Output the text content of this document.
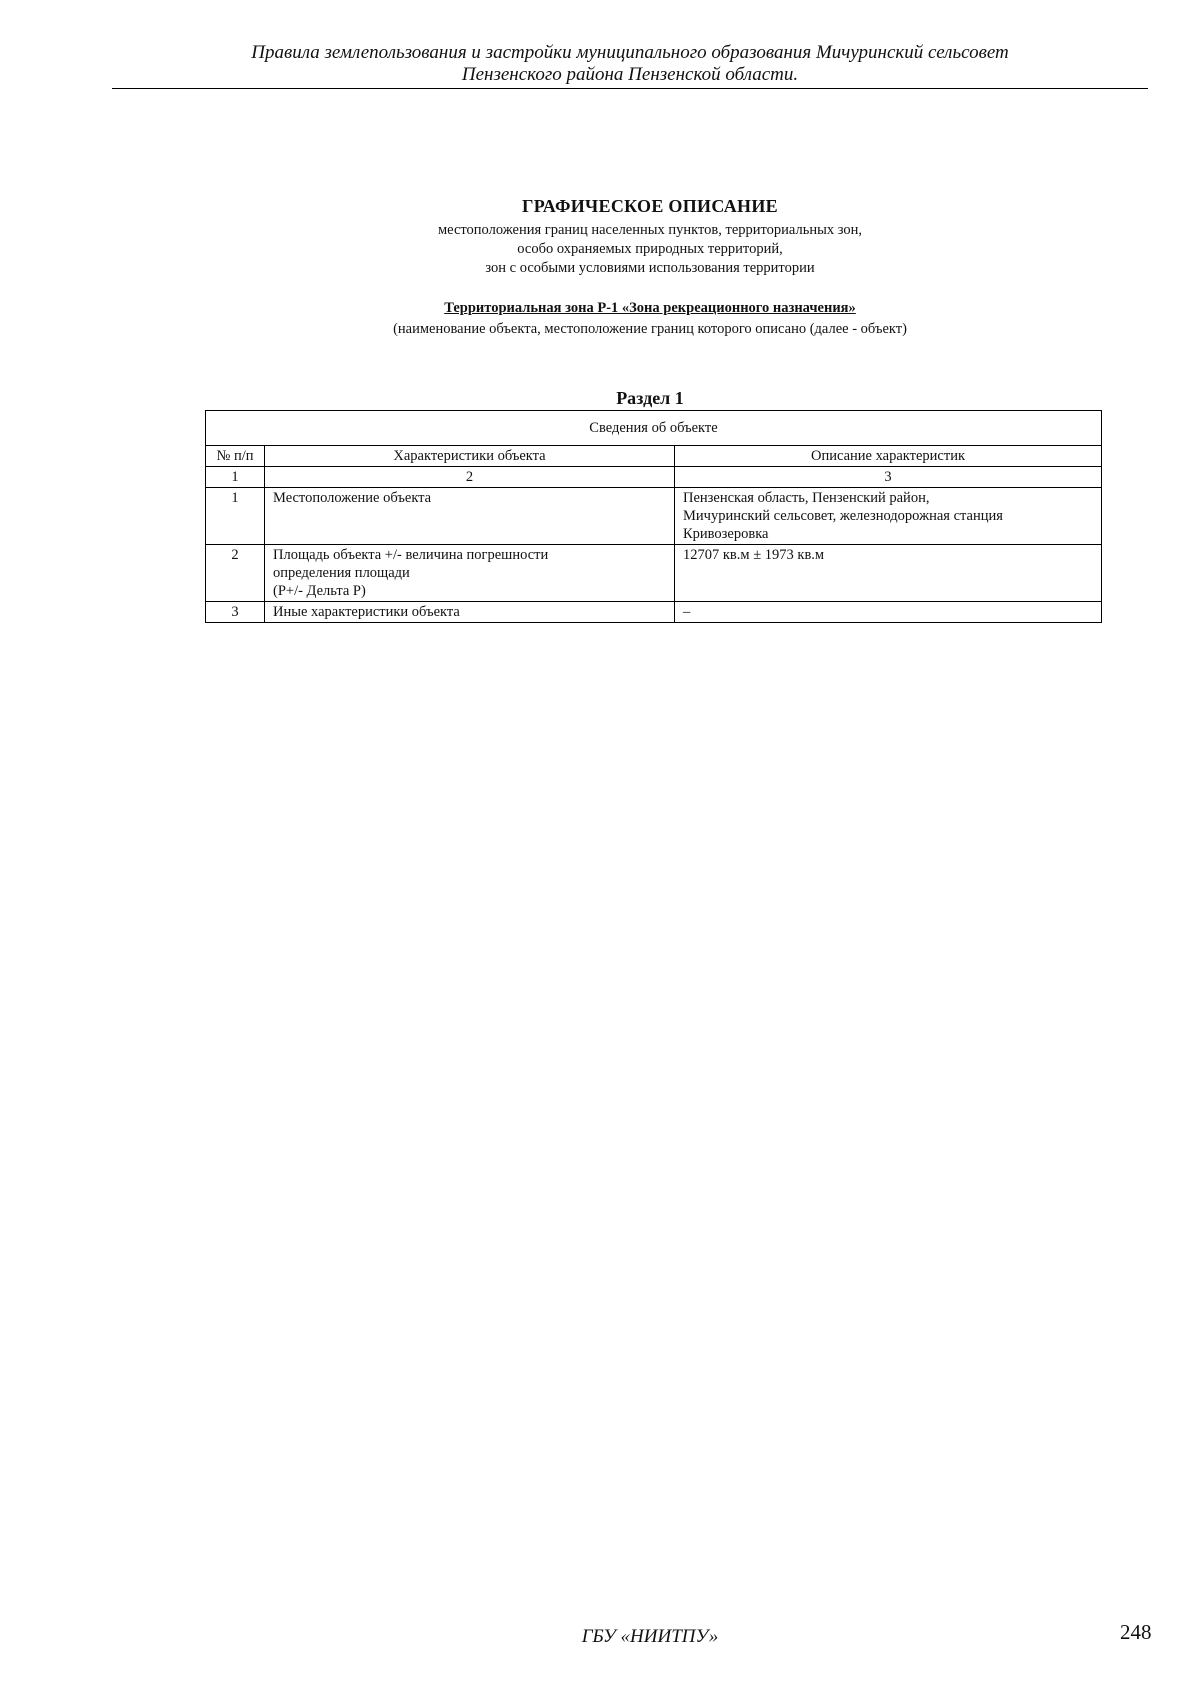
Правила землепользования и застройки муниципального образования Мичуринский сельсовет
Пензенского района Пензенской области.
ГРАФИЧЕСКОЕ ОПИСАНИЕ
местоположения границ населенных пунктов, территориальных зон,
особо охраняемых природных территорий,
зон с особыми условиями использования территории
Территориальная зона Р-1 «Зона рекреационного назначения»
(наименование объекта, местоположение границ которого описано (далее - объект)
Раздел 1
Сведения об объекте		
№ п/п	Характеристики объекта	Описание характеристик
1	2	3
1	Местоположение объекта	Пензенская область, Пензенский район,
Мичуринский сельсовет, железнодорожная станция
Кривозеровка

2	Площадь объекта +/- величина погрешности
определения площади
(Р+/- Дельта Р)	12707 кв.м ± 1973 кв.м

3	Иные характеристики объекта	–
ГБУ «НИИТПУ»	248
